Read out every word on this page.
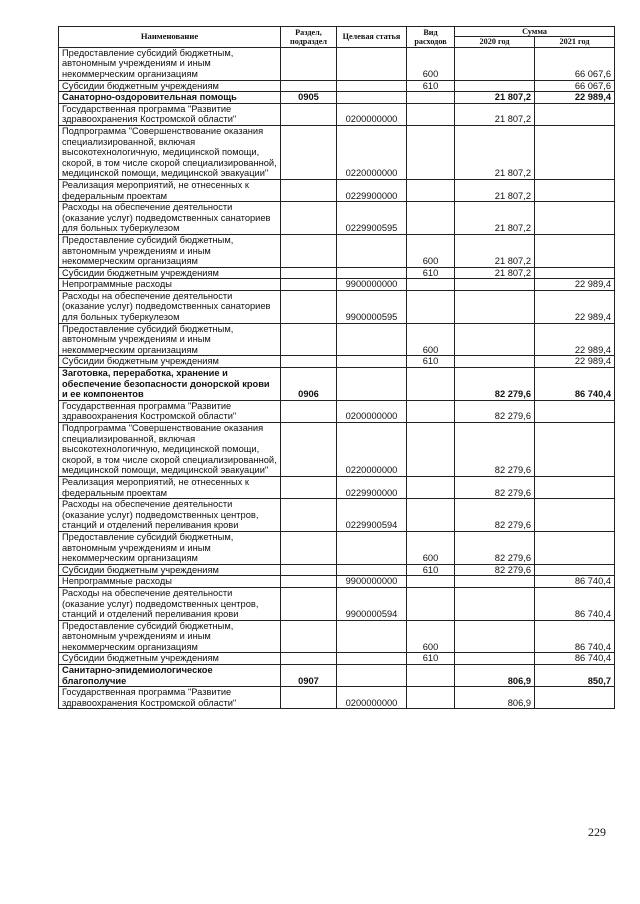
Наименование	Раздел, подраздел	Целевая статья	Вид расходов	Сумма	
				2020 год	2021 год
Предоставление субсидий бюджетным, автономным учреждениям и иным некоммерческим организациям			600		66 067,6
Субсидии бюджетным учреждениям			610		66 067,6
Санаторно-оздоровительная помощь	0905			21 807,2	22 989,4
Государственная программа "Развитие здравоохранения Костромской области"		0200000000		21 807,2	
Подпрограмма "Совершенствование оказания специализированной, включая высокотехнологичную, медицинской помощи, скорой, в том числе скорой специализированной, медицинской помощи, медицинской эвакуации"		0220000000		21 807,2	
Реализация мероприятий, не отнесенных к федеральным проектам		0229900000		21 807,2	
Расходы на обеспечение деятельности (оказание услуг) подведомственных санаториев для больных туберкулезом		0229900595		21 807,2	
Предоставление субсидий бюджетным, автономным учреждениям и иным некоммерческим организациям			600	21 807,2	
Субсидии бюджетным учреждениям			610	21 807,2	
Непрограммные расходы		9900000000			22 989,4
Расходы на обеспечение деятельности (оказание услуг) подведомственных санаториев для больных туберкулезом		9900000595			22 989,4
Предоставление субсидий бюджетным, автономным учреждениям и иным некоммерческим организациям			600		22 989,4
Субсидии бюджетным учреждениям			610		22 989,4
Заготовка, переработка, хранение и обеспечение безопасности донорской крови и ее компонентов	0906			82 279,6	86 740,4
Государственная программа "Развитие здравоохранения Костромской области"		0200000000		82 279,6	
Подпрограмма "Совершенствование оказания специализированной, включая высокотехнологичную, медицинской помощи, скорой, в том числе скорой специализированной, медицинской помощи, медицинской эвакуации"		0220000000		82 279,6	
Реализация мероприятий, не отнесенных к федеральным проектам		0229900000		82 279,6	
Расходы на обеспечение деятельности (оказание услуг) подведомственных центров, станций и отделений переливания крови		0229900594		82 279,6	
Предоставление субсидий бюджетным, автономным учреждениям и иным некоммерческим организациям			600	82 279,6	
Субсидии бюджетным учреждениям			610	82 279,6	
Непрограммные расходы		9900000000			86 740,4
Расходы на обеспечение деятельности (оказание услуг) подведомственных центров, станций и отделений переливания крови		9900000594			86 740,4
Предоставление субсидий бюджетным, автономным учреждениям и иным некоммерческим организациям			600		86 740,4
Субсидии бюджетным учреждениям			610		86 740,4
Санитарно-эпидемиологическое благополучие	0907			806,9	850,7
Государственная программа "Развитие здравоохранения Костромской области"		0200000000		806,9	
229
